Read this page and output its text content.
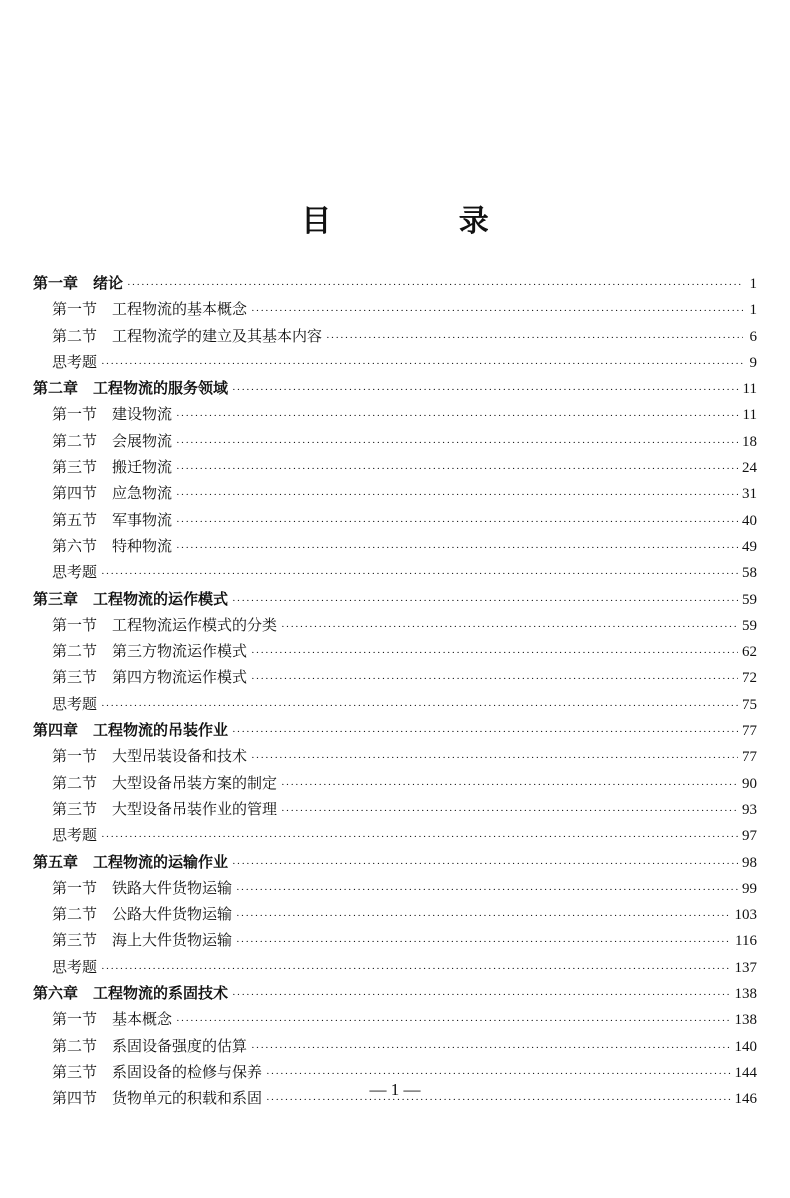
目 录
第一章　绪论 ·····	1
第一节　工程物流的基本概念 ·····	1
第二节　工程物流学的建立及其基本内容 ·····	6
思考题 ·····	9
第二章　工程物流的服务领域 ·····	11
第一节　建设物流 ·····	11
第二节　会展物流 ·····	18
第三节　搬迁物流 ·····	24
第四节　应急物流 ·····	31
第五节　军事物流 ·····	40
第六节　特种物流 ·····	49
思考题 ·····	58
第三章　工程物流的运作模式 ·····	59
第一节　工程物流运作模式的分类 ·····	59
第二节　第三方物流运作模式 ·····	62
第三节　第四方物流运作模式 ·····	72
思考题 ·····	75
第四章　工程物流的吊装作业 ·····	77
第一节　大型吊装设备和技术 ·····	77
第二节　大型设备吊装方案的制定 ·····	90
第三节　大型设备吊装作业的管理 ·····	93
思考题 ·····	97
第五章　工程物流的运输作业 ·····	98
第一节　铁路大件货物运输 ·····	99
第二节　公路大件货物运输 ·····	103
第三节　海上大件货物运输 ·····	116
思考题 ·····	137
第六章　工程物流的系固技术 ·····	138
第一节　基本概念 ·····	138
第二节　系固设备强度的估算 ·····	140
第三节　系固设备的检修与保养 ·····	144
第四节　货物单元的积载和系固 ·····	146
— 1 —
